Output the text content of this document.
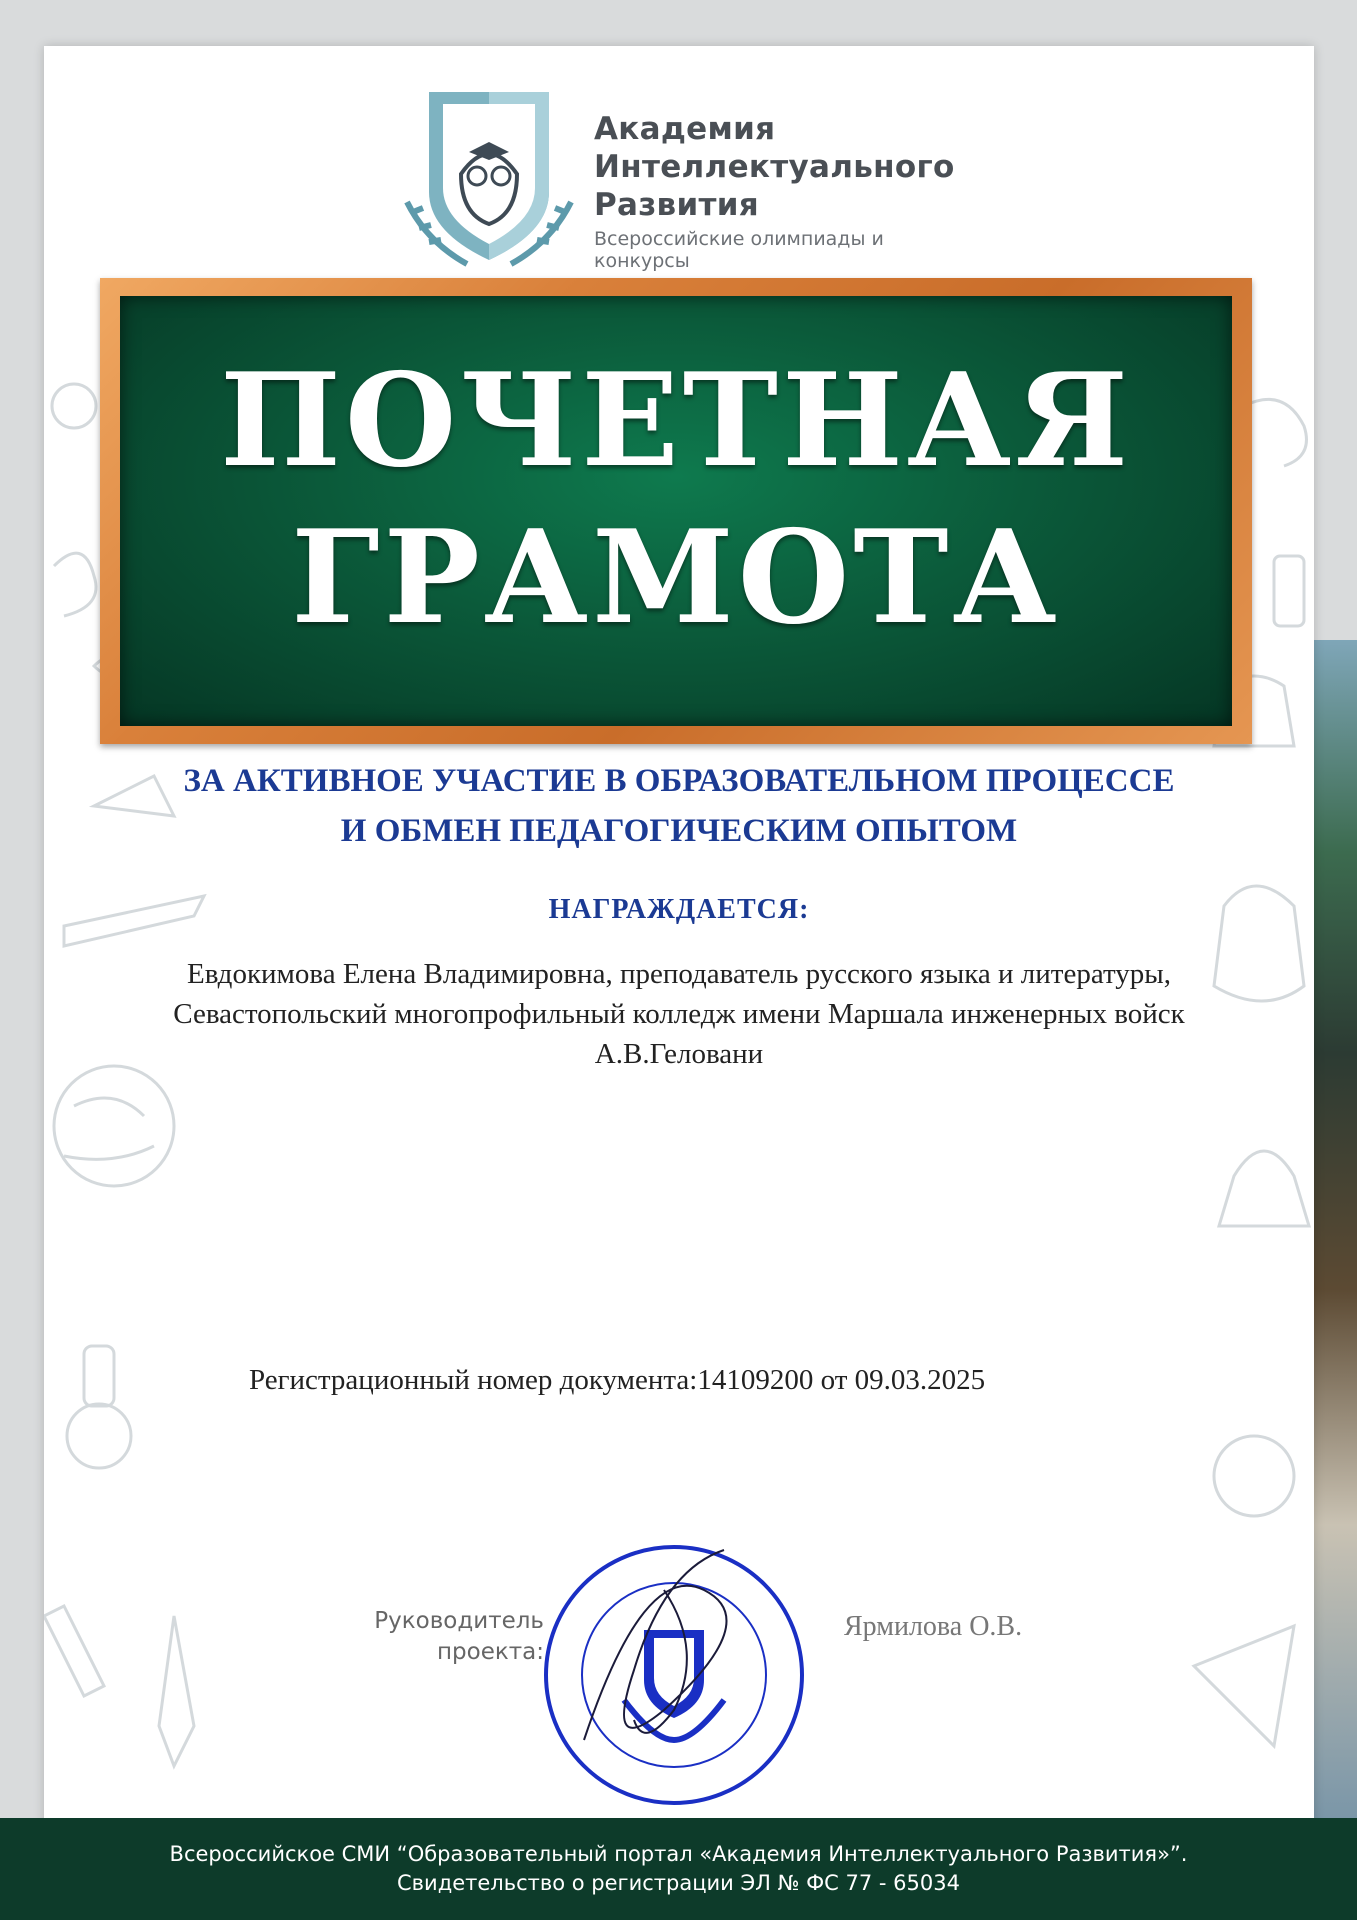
Академия
Интеллектуального
Развития
Всероссийские олимпиады и конкурсы
ПОЧЕТНАЯ
ГРАМОТА
ЗА АКТИВНОЕ УЧАСТИЕ В ОБРАЗОВАТЕЛЬНОМ ПРОЦЕССЕ
И ОБМЕН ПЕДАГОГИЧЕСКИМ ОПЫТОМ
НАГРАЖДАЕТСЯ:
Евдокимова Елена Владимировна, преподаватель русского языка и литературы,
Севастопольский многопрофильный колледж имени Маршала инженерных войск
А.В.Геловани
Регистрационный номер документа:14109200 от 09.03.2025
Руководитель
проекта:
Ярмилова О.В.
Всероссийское СМИ “Образовательный портал «Академия Интеллектуального Развития»”.
Свидетельство о регистрации ЭЛ № ФС 77 - 65034
